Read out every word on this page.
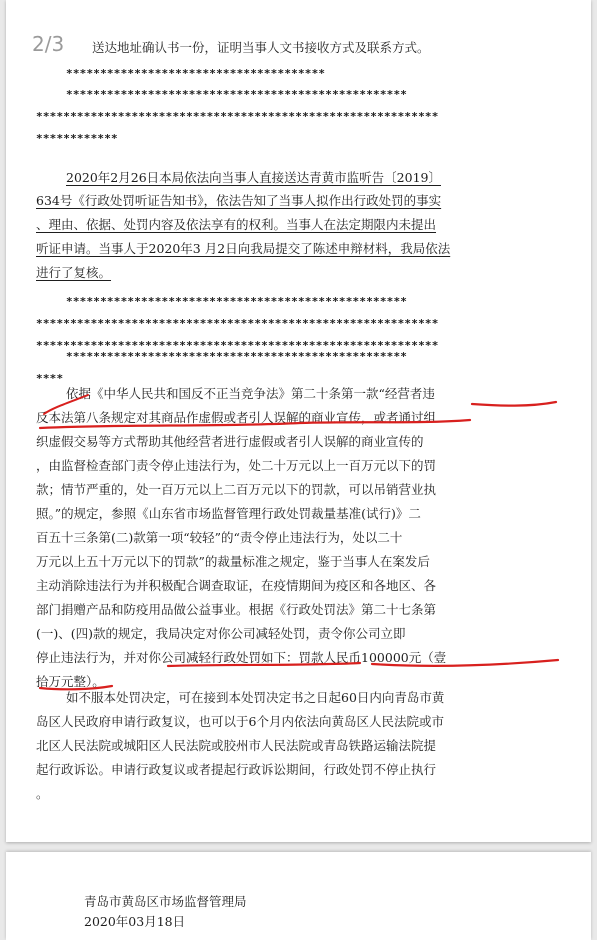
2/3 送达地址确认书一份，证明当事人文书接收方式及联系方式。
**************************************
**************************************************
***********************************************************
************
2020年2月26日本局依法向当事人直接送达青黄市监听告〔2019〕
634号《行政处罚听证告知书》，依法告知了当事人拟作出行政处罚的事实
、理由、依据、处罚内容及依法享有的权利。当事人在法定期限内未提出
听证申请。当事人于2020年3 月2日向我局提交了陈述申辩材料，我局依法
进行了复核。
**************************************************
***********************************************************
***********************************************************
**************************************************
****
依据《中华人民共和国反不正当竞争法》第二十条第一款“经营者违
反本法第八条规定对其商品作虚假或者引人误解的商业宣传，或者通过组
织虚假交易等方式帮助其他经营者进行虚假或者引人误解的商业宣传的
，由监督检查部门责令停止违法行为，处二十万元以上一百万元以下的罚
款；情节严重的，处一百万元以上二百万元以下的罚款，可以吊销营业执
照。”的规定，参照《山东省市场监督管理行政处罚裁量基准(试行)》二
百五十三条第(二)款第一项“较轻”的“责令停止违法行为，处以二十
万元以上五十万元以下的罚款”的裁量标准之规定，鉴于当事人在案发后
主动消除违法行为并积极配合调查取证，在疫情期间为疫区和各地区、各
部门捐赠产品和防疫用品做公益事业。根据《行政处罚法》第二十七条第
(一)、(四)款的规定，我局决定对你公司减轻处罚，责令你公司立即
停止违法行为，并对你公司减轻行政处罚如下：罚款人民币100000元（壹
拾万元整）。
如不服本处罚决定，可在接到本处罚决定书之日起60日内向青岛市黄
岛区人民政府申请行政复议，也可以于6个月内依法向黄岛区人民法院或市
北区人民法院或城阳区人民法院或胶州市人民法院或青岛铁路运输法院提
起行政诉讼。申请行政复议或者提起行政诉讼期间，行政处罚不停止执行
。
青岛市黄岛区市场监督管理局
2020年03月18日
